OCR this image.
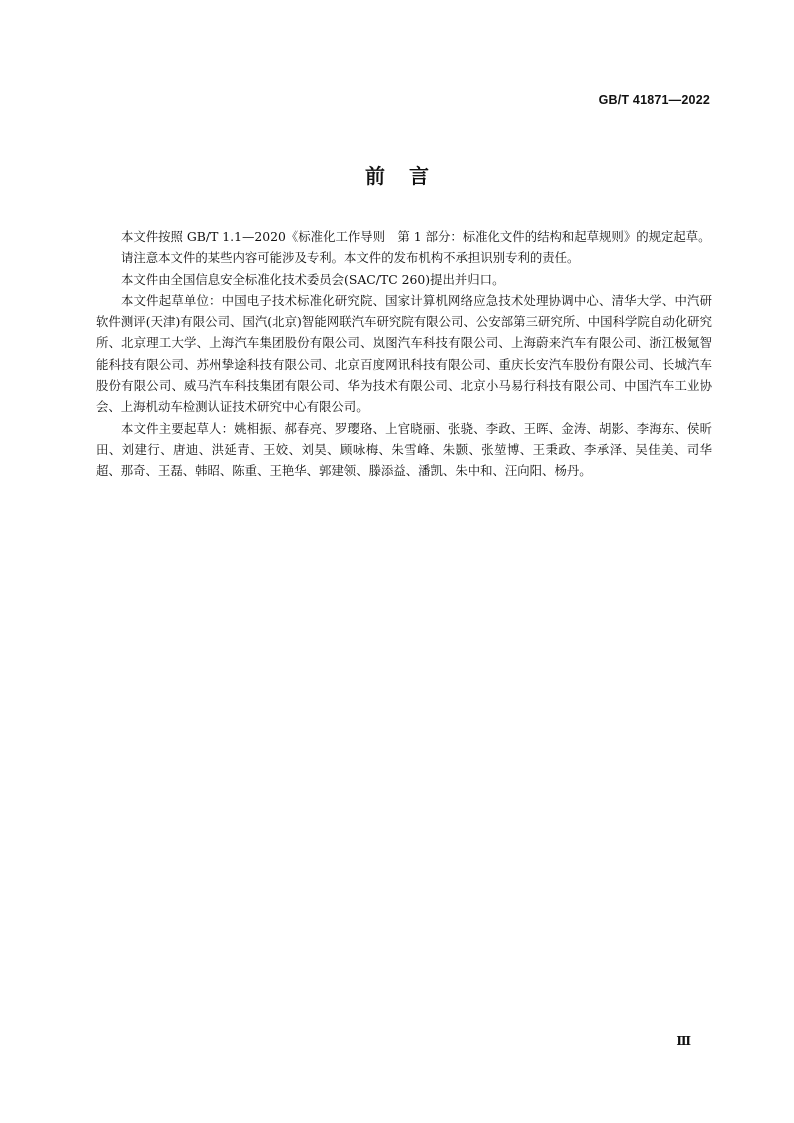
GB/T 41871—2022
前言

本文件按照 GB/T 1.1—2020《标准化工作导则　第 1 部分：标准化文件的结构和起草规则》的规定起草。

请注意本文件的某些内容可能涉及专利。本文件的发布机构不承担识别专利的责任。

本文件由全国信息安全标准化技术委员会(SAC/TC 260)提出并归口。

本文件起草单位：中国电子技术标准化研究院、国家计算机网络应急技术处理协调中心、清华大学、中汽研软件测评(天津)有限公司、国汽(北京)智能网联汽车研究院有限公司、公安部第三研究所、中国科学院自动化研究所、北京理工大学、上海汽车集团股份有限公司、岚图汽车科技有限公司、上海蔚来汽车有限公司、浙江极氪智能科技有限公司、苏州挚途科技有限公司、北京百度网讯科技有限公司、重庆长安汽车股份有限公司、长城汽车股份有限公司、威马汽车科技集团有限公司、华为技术有限公司、北京小马易行科技有限公司、中国汽车工业协会、上海机动车检测认证技术研究中心有限公司。

本文件主要起草人：姚相振、郝春亮、罗璎珞、上官晓丽、张骁、李政、王晖、金涛、胡影、李海东、侯昕田、刘建行、唐迪、洪延青、王姣、刘昊、顾咏梅、朱雪峰、朱颢、张堃博、王秉政、李承泽、吴佳美、司华超、那奇、王磊、韩昭、陈重、王艳华、郭建领、滕添益、潘凯、朱中和、汪向阳、杨丹。

Ⅲ
